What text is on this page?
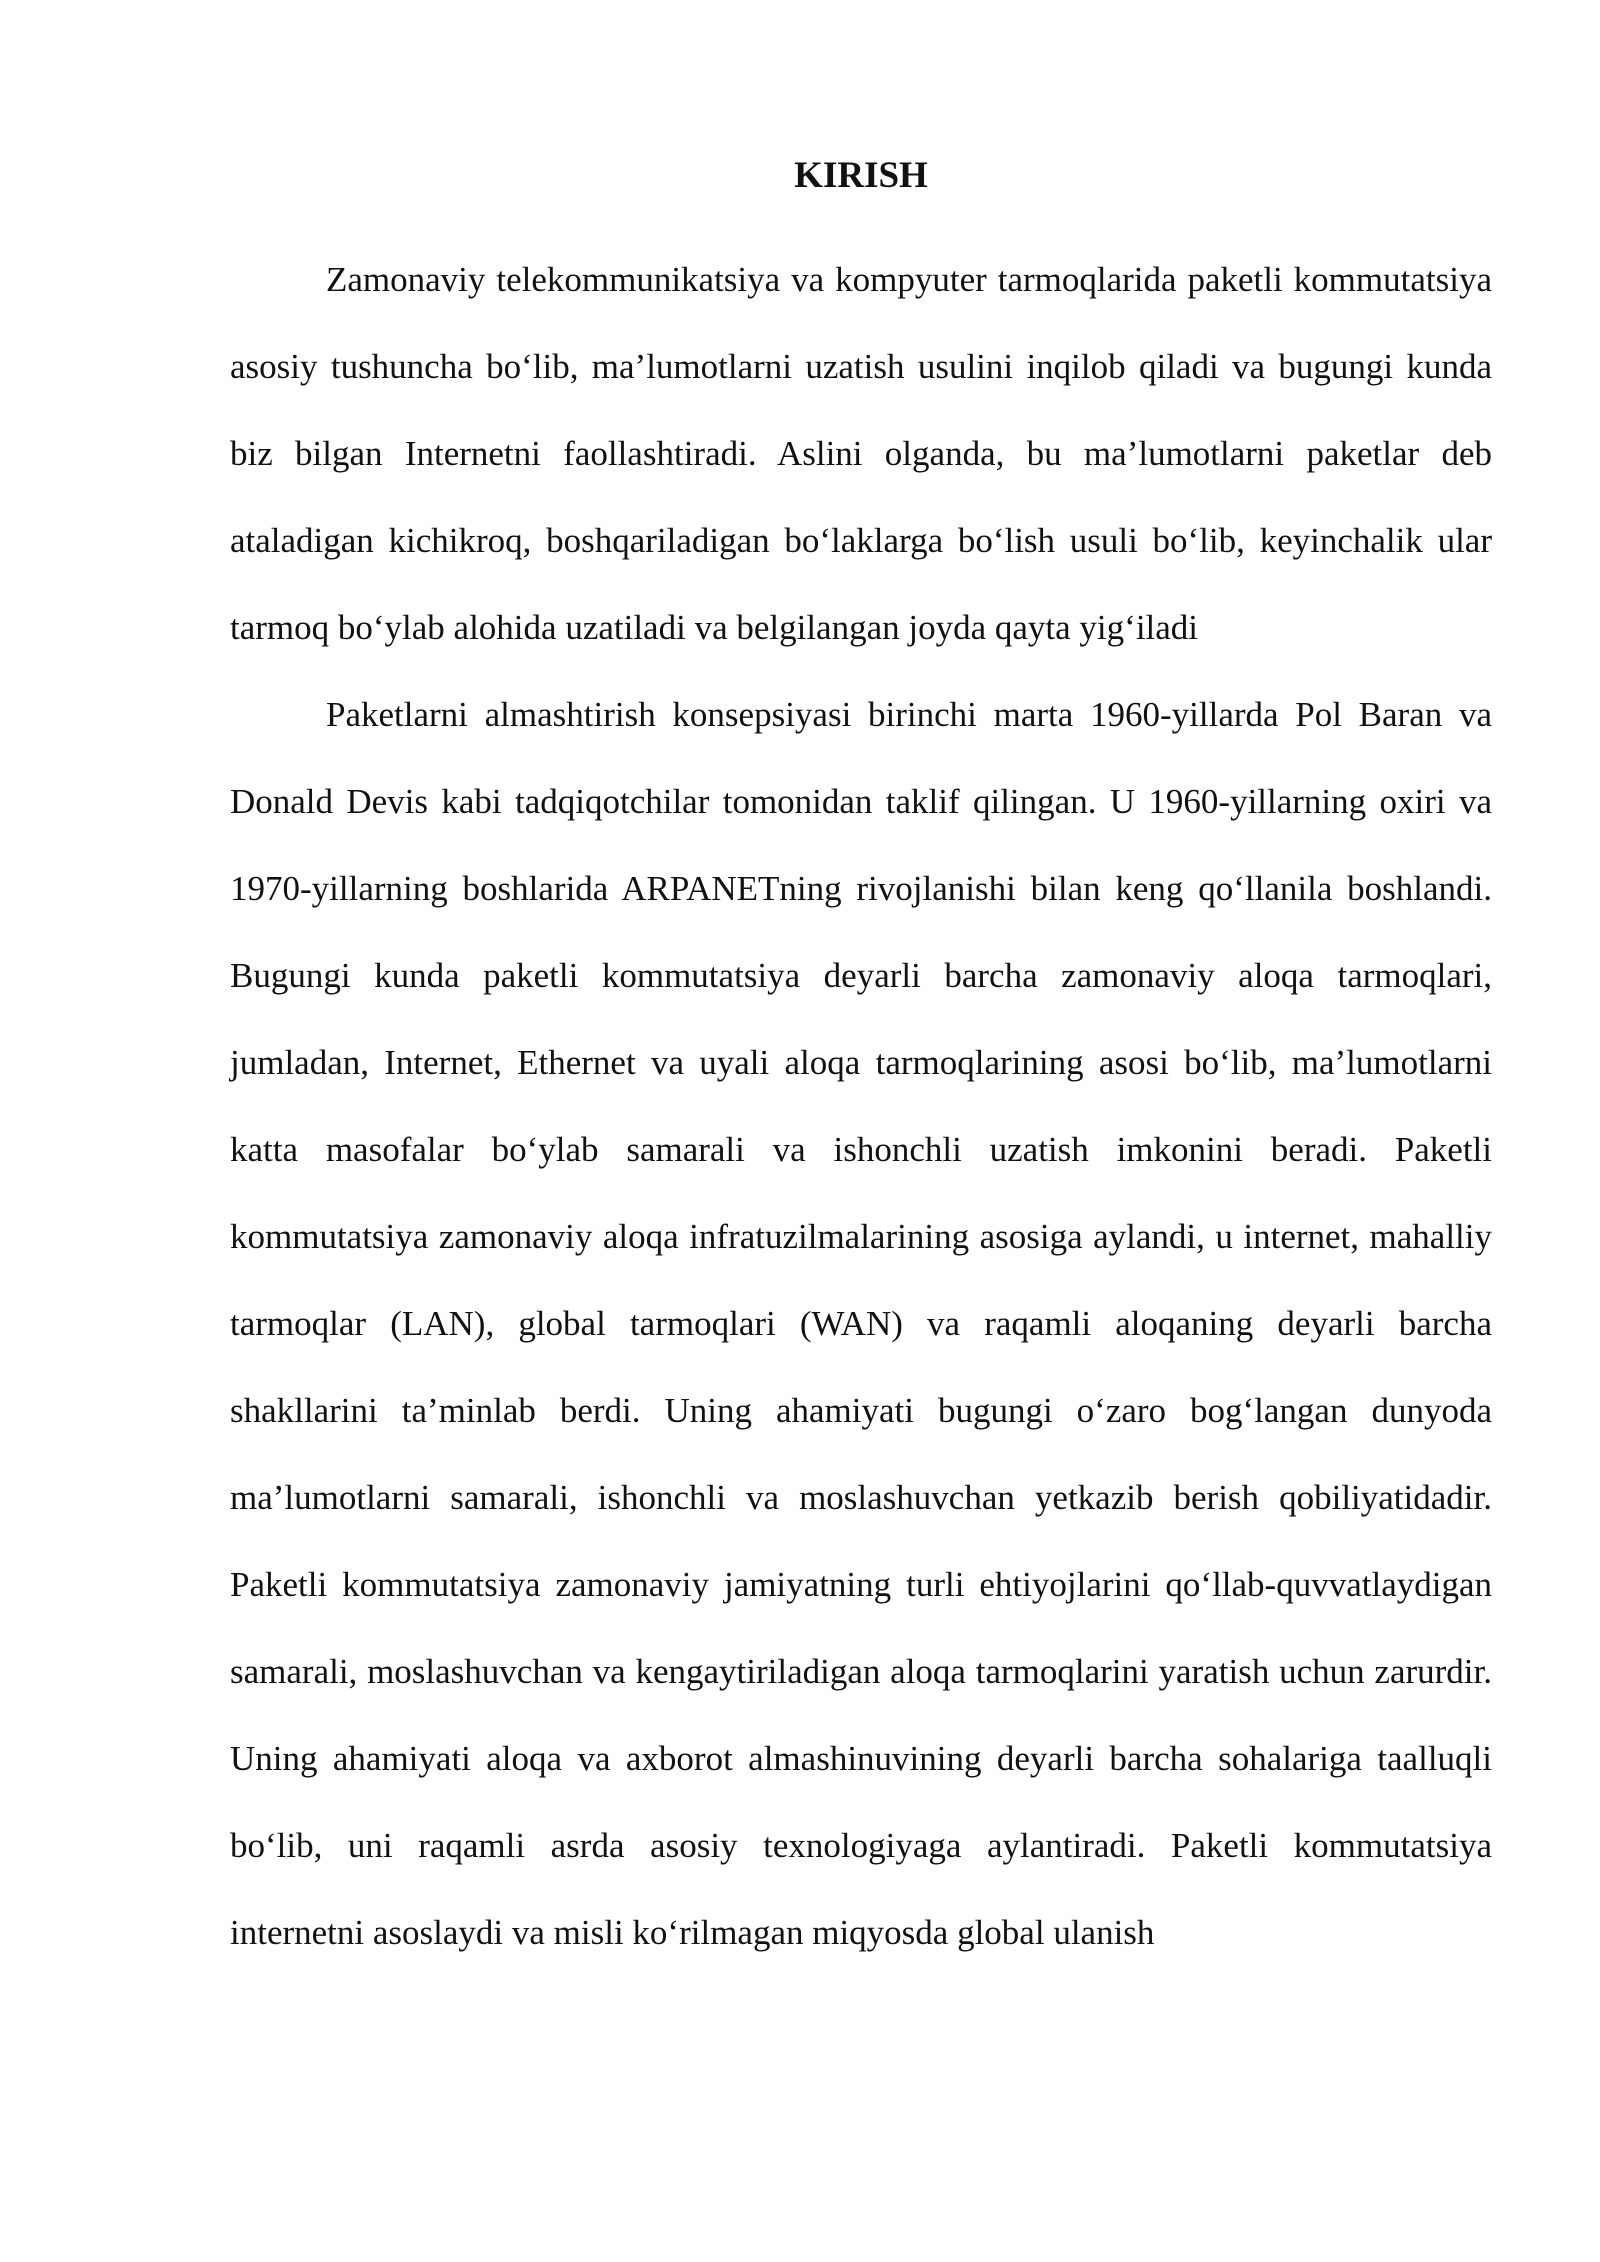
KIRISH

Zamonaviy telekommunikatsiya va kompyuter tarmoqlarida paketli kommutatsiya asosiy tushuncha bo‘lib, ma’lumotlarni uzatish usulini inqilob qiladi va bugungi kunda biz bilgan Internetni faollashtiradi. Aslini olganda, bu ma’lumotlarni paketlar deb ataladigan kichikroq, boshqariladigan bo‘laklarga bo‘lish usuli bo‘lib, keyinchalik ular tarmoq bo‘ylab alohida uzatiladi va belgilangan joyda qayta yig‘iladi

Paketlarni almashtirish konsepsiyasi birinchi marta 1960-yillarda Pol Baran va Donald Devis kabi tadqiqotchilar tomonidan taklif qilingan. U 1960-yillarning oxiri va 1970-yillarning boshlarida ARPANETning rivojlanishi bilan keng qo‘llanila boshlandi. Bugungi kunda paketli kommutatsiya deyarli barcha zamonaviy aloqa tarmoqlari, jumladan, Internet, Ethernet va uyali aloqa tarmoqlarining asosi bo‘lib, ma’lumotlarni katta masofalar bo‘ylab samarali va ishonchli uzatish imkonini beradi. Paketli kommutatsiya zamonaviy aloqa infratuzilmalarining asosiga aylandi, u internet, mahalliy tarmoqlar (LAN), global tarmoqlari (WAN) va raqamli aloqaning deyarli barcha shakllarini ta’minlab berdi. Uning ahamiyati bugungi o‘zaro bog‘langan dunyoda ma’lumotlarni samarali, ishonchli va moslashuvchan yetkazib berish qobiliyatidadir. Paketli kommutatsiya zamonaviy jamiyatning turli ehtiyojlarini qo‘llab-quvvatlaydigan samarali, moslashuvchan va kengaytiriladigan aloqa tarmoqlarini yaratish uchun zarurdir. Uning ahamiyati aloqa va axborot almashinuvining deyarli barcha sohalariga taalluqli bo‘lib, uni raqamli asrda asosiy texnologiyaga aylantiradi. Paketli kommutatsiya internetni asoslaydi va misli ko‘rilmagan miqyosda global ulanish
